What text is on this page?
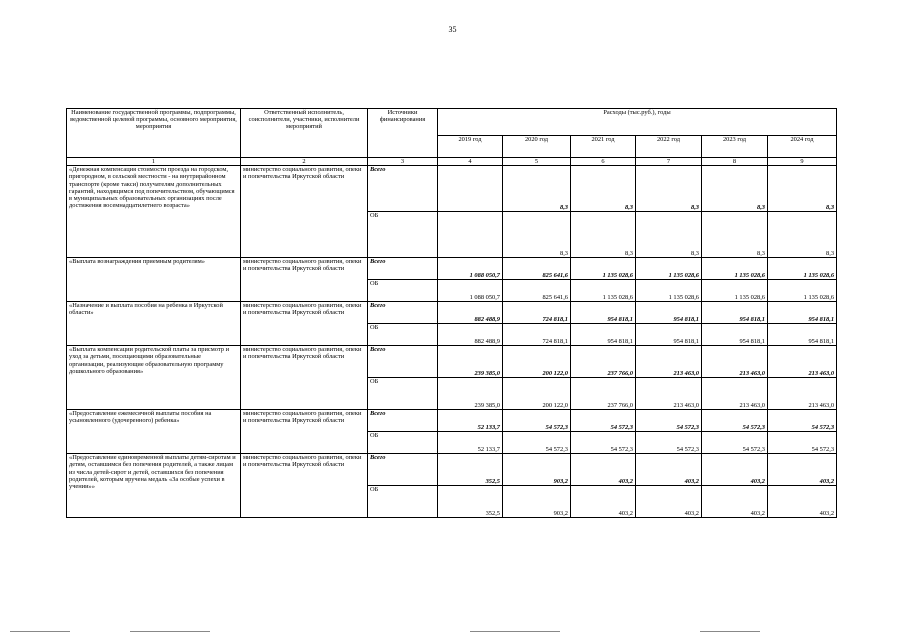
35
Наименование государственной программы, подпрограммы, ведомственной целевой программы, основного мероприятия, мероприятия	Ответственный исполнитель, соисполнители, участники, исполнители мероприятий	Источники финансирования	Расходы (тыс.руб.), годы					
			2019 год	2020 год	2021 год	2022 год	2023 год	2024 год
1	2	3	4	5	6	7	8	9
«Денежная компенсация стоимости проезда на городском, пригородном, в сельской местности - на внутрирайонном транспорте (кроме такси) получателям дополнительных гарантий, находящимся под попечительством, обучающимся в муниципальных образовательных организациях после достижения восемнадцатилетнего возраста»	министерство социального развития, опеки и попечительства Иркутской области	Всего		8,3	8,3	8,3	8,3	8,3

		ОБ		8,3	8,3	8,3	8,3	8,3

«Выплата вознаграждения приемным родителям»	министерство социального развития, опеки и попечительства Иркутской области	Всего	1 088 050,7	825 641,6	1 135 028,6	1 135 028,6	1 135 028,6	1 135 028,6

		ОБ	1 088 050,7	825 641,6	1 135 028,6	1 135 028,6	1 135 028,6	1 135 028,6

«Назначение и выплата пособия на ребенка в Иркутской области»	министерство социального развития, опеки и попечительства Иркутской области	Всего	882 488,9	724 818,1	954 818,1	954 818,1	954 818,1	954 818,1

		ОБ	882 488,9	724 818,1	954 818,1	954 818,1	954 818,1	954 818,1

«Выплата компенсации родительской платы за присмотр и уход за детьми, посещающими образовательные организации, реализующие образовательную программу дошкольного образования»	министерство социального развития, опеки и попечительства Иркутской области	Всего	239 385,0	200 122,0	237 766,0	213 463,0	213 463,0	213 463,0

		ОБ	239 385,0	200 122,0	237 766,0	213 463,0	213 463,0	213 463,0

«Предоставление ежемесячной выплаты пособия на усыновленного (удочеренного) ребенка»	министерство социального развития, опеки и попечительства Иркутской области	Всего	52 133,7	54 572,3	54 572,3	54 572,3	54 572,3	54 572,3

		ОБ	52 133,7	54 572,3	54 572,3	54 572,3	54 572,3	54 572,3

«Предоставление единовременной выплаты детям-сиротам и детям, оставшимся без попечения родителей, а также лицам из числа детей-сирот и детей, оставшихся без попечения родителей, которым вручена медаль «За особые успехи в учении»»	министерство социального развития, опеки и попечительства Иркутской области	Всего	352,5	903,2	403,2	403,2	403,2	403,2

		ОБ	352,5	903,2	403,2	403,2	403,2	403,2
